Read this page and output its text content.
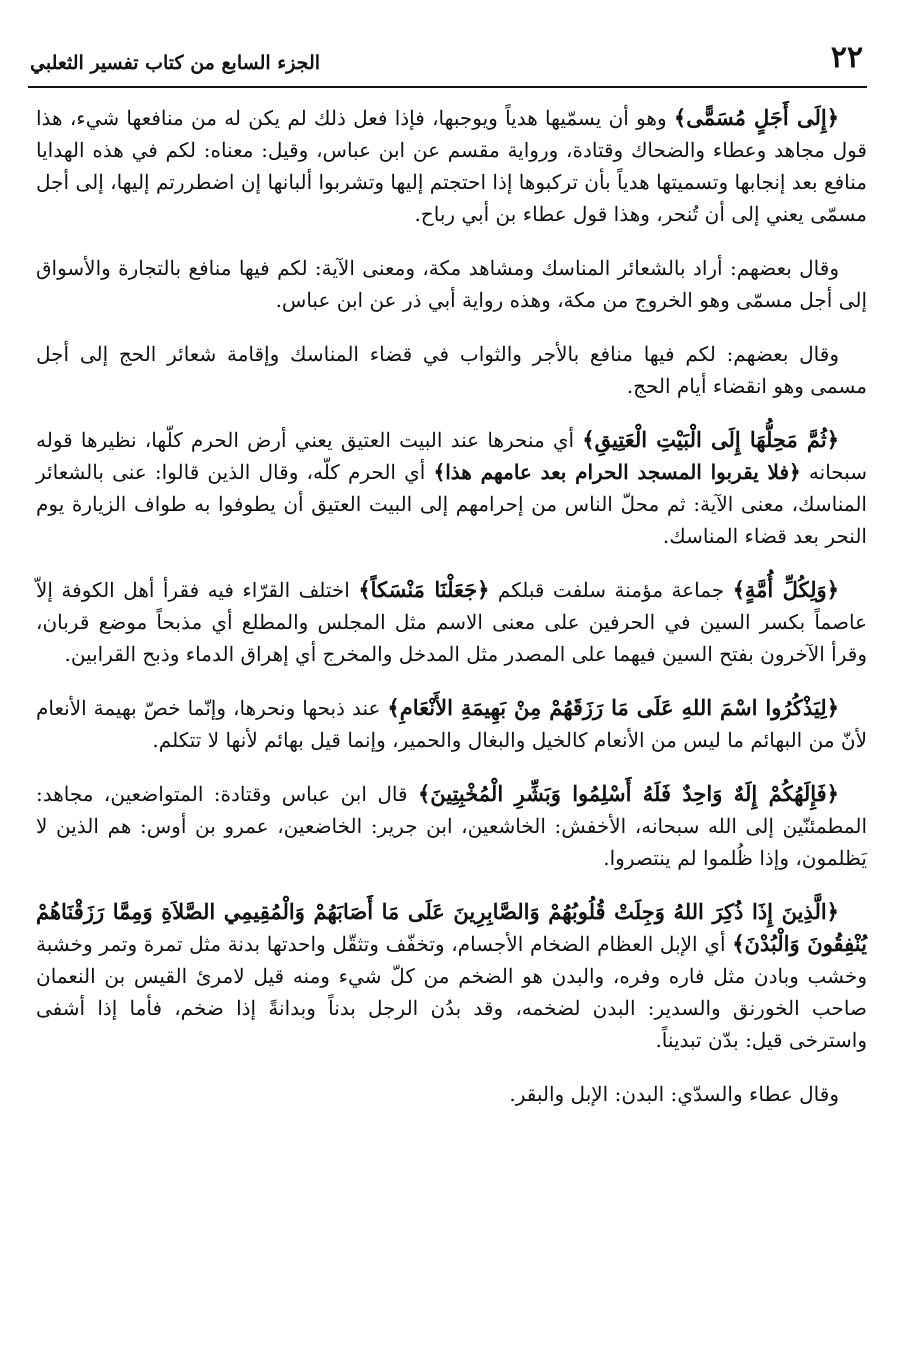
٢٢
الجزء السابع من كتاب تفسير الثعلبي

﴿إِلَى أَجَلٍ مُسَمًّى﴾ وهو أن يسمّيها هدياً ويوجبها، فإذا فعل ذلك لم يكن له من منافعها شيء، هذا قول مجاهد وعطاء والضحاك وقتادة، ورواية مقسم عن ابن عباس، وقيل: معناه: لكم في هذه الهدايا منافع بعد إنجابها وتسميتها هدياً بأن تركبوها إذا احتجتم إليها وتشربوا ألبانها إن اضطررتم إليها، إلى أجل مسمّى يعني إلى أن تُنحر، وهذا قول عطاء بن أبي رباح.

وقال بعضهم: أراد بالشعائر المناسك ومشاهد مكة، ومعنى الآية: لكم فيها منافع بالتجارة والأسواق إلى أجل مسمّى وهو الخروج من مكة، وهذه رواية أبي ذر عن ابن عباس.

وقال بعضهم: لكم فيها منافع بالأجر والثواب في قضاء المناسك وإقامة شعائر الحج إلى أجل مسمى وهو انقضاء أيام الحج.

﴿ثُمَّ مَحِلُّهَا إِلَى الْبَيْتِ الْعَتِيقِ﴾ أي منحرها عند البيت العتيق يعني أرض الحرم كلّها، نظيرها قوله سبحانه ﴿فلا يقربوا المسجد الحرام بعد عامهم هذا﴾ أي الحرم كلّه، وقال الذين قالوا: عنى بالشعائر المناسك، معنى الآية: ثم محلّ الناس من إحرامهم إلى البيت العتيق أن يطوفوا به طواف الزيارة يوم النحر بعد قضاء المناسك.

﴿وَلِكُلِّ أُمَّةٍ﴾ جماعة مؤمنة سلفت قبلكم ﴿جَعَلْنَا مَنْسَكاً﴾ اختلف القرّاء فيه فقرأ أهل الكوفة إلاّ عاصماً بكسر السين في الحرفين على معنى الاسم مثل المجلس والمطلع أي مذبحاً موضع قربان، وقرأ الآخرون بفتح السين فيهما على المصدر مثل المدخل والمخرج أي إهراق الدماء وذبح القرابين.

﴿لِيَذْكُرُوا اسْمَ اللهِ عَلَى مَا رَزَقَهُمْ مِنْ بَهِيمَةِ الأَنْعَامِ﴾ عند ذبحها ونحرها، وإنّما خصّ بهيمة الأنعام لأنّ من البهائم ما ليس من الأنعام كالخيل والبغال والحمير، وإنما قيل بهائم لأنها لا تتكلم.

﴿فَإِلَهُكُمْ إِلَهٌ وَاحِدٌ فَلَهُ أَسْلِمُوا وَبَشِّرِ الْمُخْبِتِينَ﴾ قال ابن عباس وقتادة: المتواضعين، مجاهد: المطمئنّين إلى الله سبحانه، الأخفش: الخاشعين، ابن جرير: الخاضعين، عمرو بن أوس: هم الذين لا يَظلمون، وإذا ظُلموا لم ينتصروا.

﴿الَّذِينَ إِذَا ذُكِرَ اللهُ وَجِلَتْ قُلُوبُهُمْ وَالصَّابِرِينَ عَلَى مَا أَصَابَهُمْ وَالْمُقِيمِي الصَّلاَةِ وَمِمَّا رَزَقْنَاهُمْ يُنْفِقُونَ وَالْبُدْنَ﴾ أي الإبل العظام الضخام الأجسام، وتخفّف وتثقّل واحدتها بدنة مثل تمرة وتمر وخشبة وخشب وبادن مثل فاره وفره، والبدن هو الضخم من كلّ شيء ومنه قيل لامرئ القيس بن النعمان صاحب الخورنق والسدير: البدن لضخمه، وقد بدُن الرجل بدناً وبدانةً إذا ضخم، فأما إذا أشفى واسترخى قيل: بدّن تبديناً.

وقال عطاء والسدّي: البدن: الإبل والبقر.
